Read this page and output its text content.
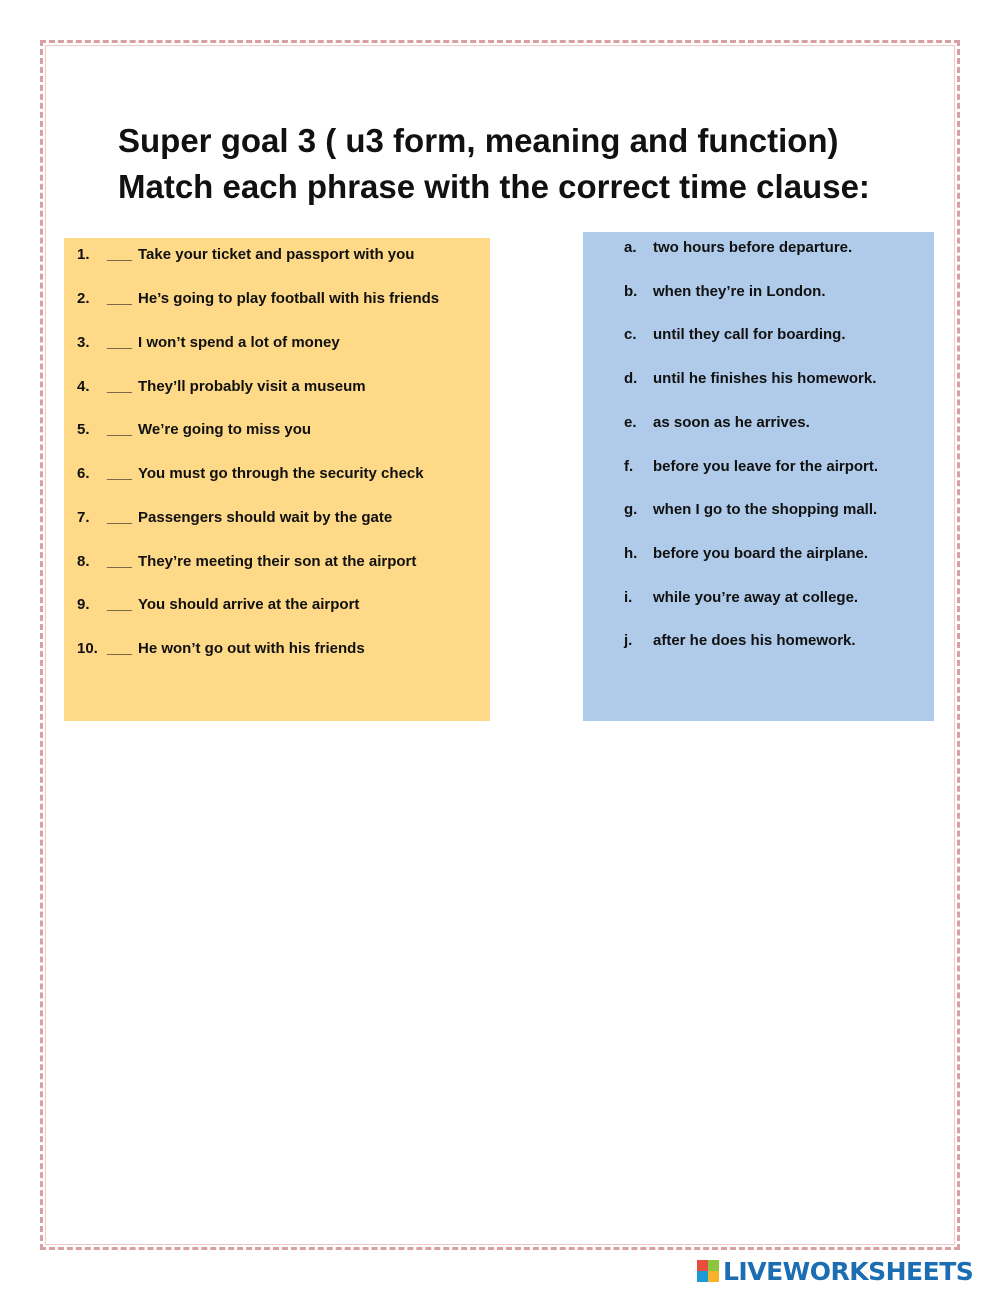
Super goal 3 ( u3 form, meaning and function)
Match each phrase with the correct time clause:
1. ___ Take your ticket and passport with you
2. ___ He’s going to play football with his friends
3. ___ I won’t spend a lot of money
4. ___ They’ll probably visit a museum
5. ___ We’re going to miss you
6. ___ You must go through the security check
7. ___ Passengers should wait by the gate
8. ___ They’re meeting their son at the airport
9. ___ You should arrive at the airport
10. ___ He won’t go out with his friends
a. two hours before departure.
b. when they’re in London.
c. until they call for boarding.
d. until he finishes his homework.
e. as soon as he arrives.
f. before you leave for the airport.
g. when I go to the shopping mall.
h. before you board the airplane.
i. while you’re away at college.
j. after he does his homework.
LIVEWORKSHEETS
